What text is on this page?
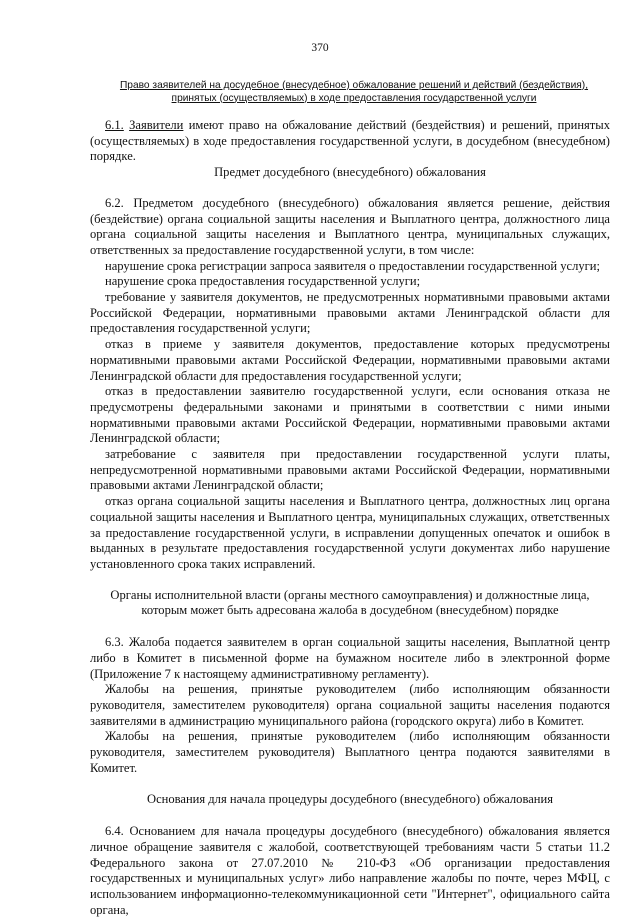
370
Право заявителей на досудебное (внесудебное) обжалование решений и действий (бездействия), принятых (осуществляемых) в ходе предоставления государственной услуги

6.1. Заявители имеют право на обжалование действий (бездействия) и решений, принятых (осуществляемых) в ходе предоставления государственной услуги, в досудебном (внесудебном) порядке.

Предмет досудебного (внесудебного) обжалования

6.2. Предметом досудебного (внесудебного) обжалования является решение, действия (бездействие) органа социальной защиты населения и Выплатного центра, должностного лица органа социальной защиты населения и Выплатного центра, муниципальных служащих, ответственных за предоставление государственной услуги, в том числе:

нарушение срока регистрации запроса заявителя о предоставлении государственной услуги;

нарушение срока предоставления государственной услуги;

требование у заявителя документов, не предусмотренных нормативными правовыми актами Российской Федерации, нормативными правовыми актами Ленинградской области для предоставления государственной услуги;

отказ в приеме у заявителя документов, предоставление которых предусмотрены нормативными правовыми актами Российской Федерации, нормативными правовыми актами Ленинградской области для предоставления государственной услуги;

отказ в предоставлении заявителю государственной услуги, если основания отказа не предусмотрены федеральными законами и принятыми в соответствии с ними иными нормативными правовыми актами Российской Федерации, нормативными правовыми актами Ленинградской области;

затребование с заявителя при предоставлении государственной услуги платы, непредусмотренной нормативными правовыми актами Российской Федерации, нормативными правовыми актами Ленинградской области;

отказ органа социальной защиты населения и Выплатного центра, должностных лиц органа социальной защиты населения и Выплатного центра, муниципальных служащих, ответственных за предоставление государственной услуги, в исправлении допущенных опечаток и ошибок в выданных в результате предоставления государственной услуги документах либо нарушение установленного срока таких исправлений.

Органы исполнительной власти (органы местного самоуправления) и должностные лица, которым может быть адресована жалоба в досудебном (внесудебном) порядке

6.3. Жалоба подается заявителем в орган социальной защиты населения, Выплатной центр либо в Комитет в письменной форме на бумажном носителе либо в электронной форме (Приложение 7 к настоящему административному регламенту).

Жалобы на решения, принятые руководителем (либо исполняющим обязанности руководителя, заместителем руководителя) органа социальной защиты населения подаются заявителями в администрацию муниципального района (городского округа) либо в Комитет.

Жалобы на решения, принятые руководителем (либо исполняющим обязанности руководителя, заместителем руководителя) Выплатного центра подаются заявителями в Комитет.

Основания для начала процедуры досудебного (внесудебного) обжалования

6.4. Основанием для начала процедуры досудебного (внесудебного) обжалования является личное обращение заявителя с жалобой, соответствующей требованиям части 5 статьи 11.2 Федерального закона от 27.07.2010 № 210-ФЗ «Об организации предоставления государственных и муниципальных услуг» либо направление жалобы по почте, через МФЦ, с использованием информационно-телекоммуникационной сети "Интернет", официального сайта органа,
